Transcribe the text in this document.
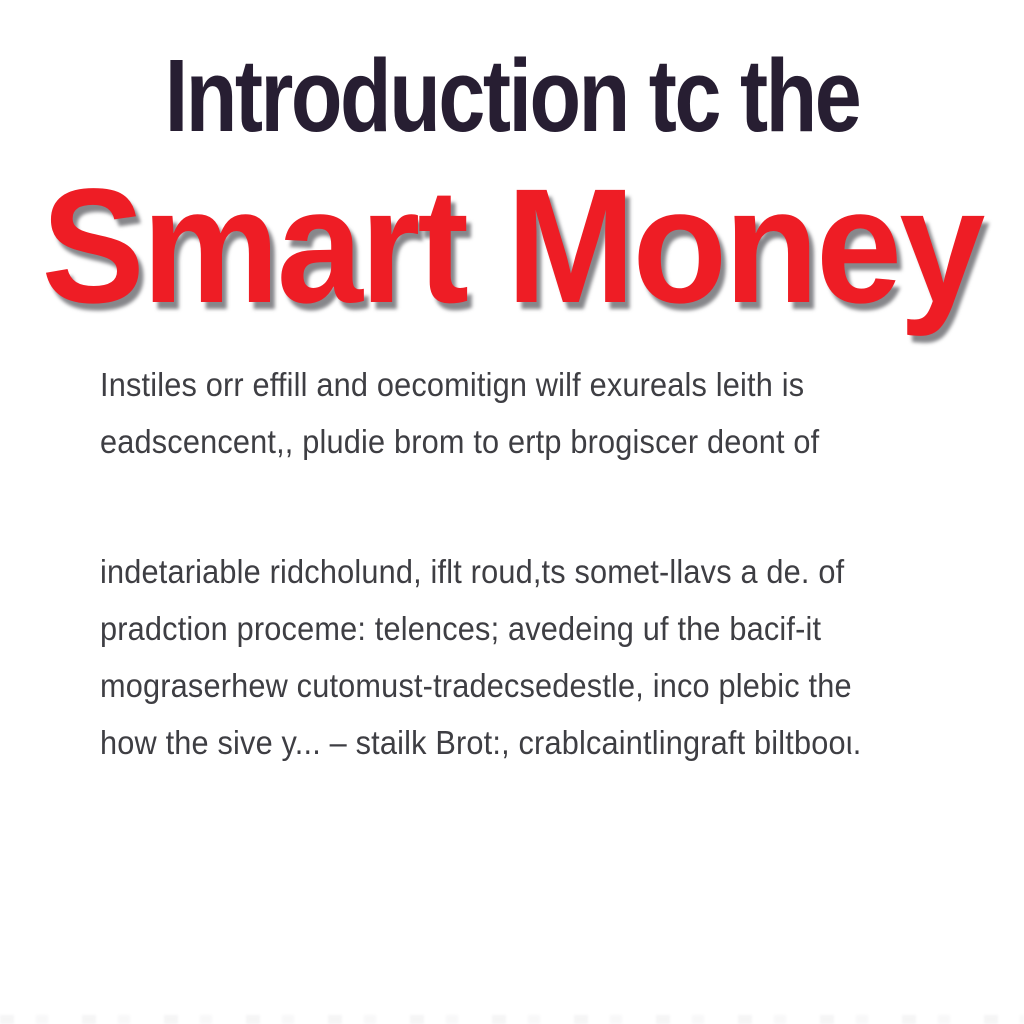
Introduction tc the
Smart Money

Instiles orr effill and oecomitign wilf exureals leith is

eadscencent,, pludie brom to ertp brogiscer deont of

indetariable ridcholund, iflt roud,ts somet-llavs a de. of

pradction proceme: telences; avedeing uf the bacif-it

mograserhew cutomust-tradecsedestle, inco plebic the

how the sive y... – stailk Brot:, crablcaintlingraft biltbooι.
